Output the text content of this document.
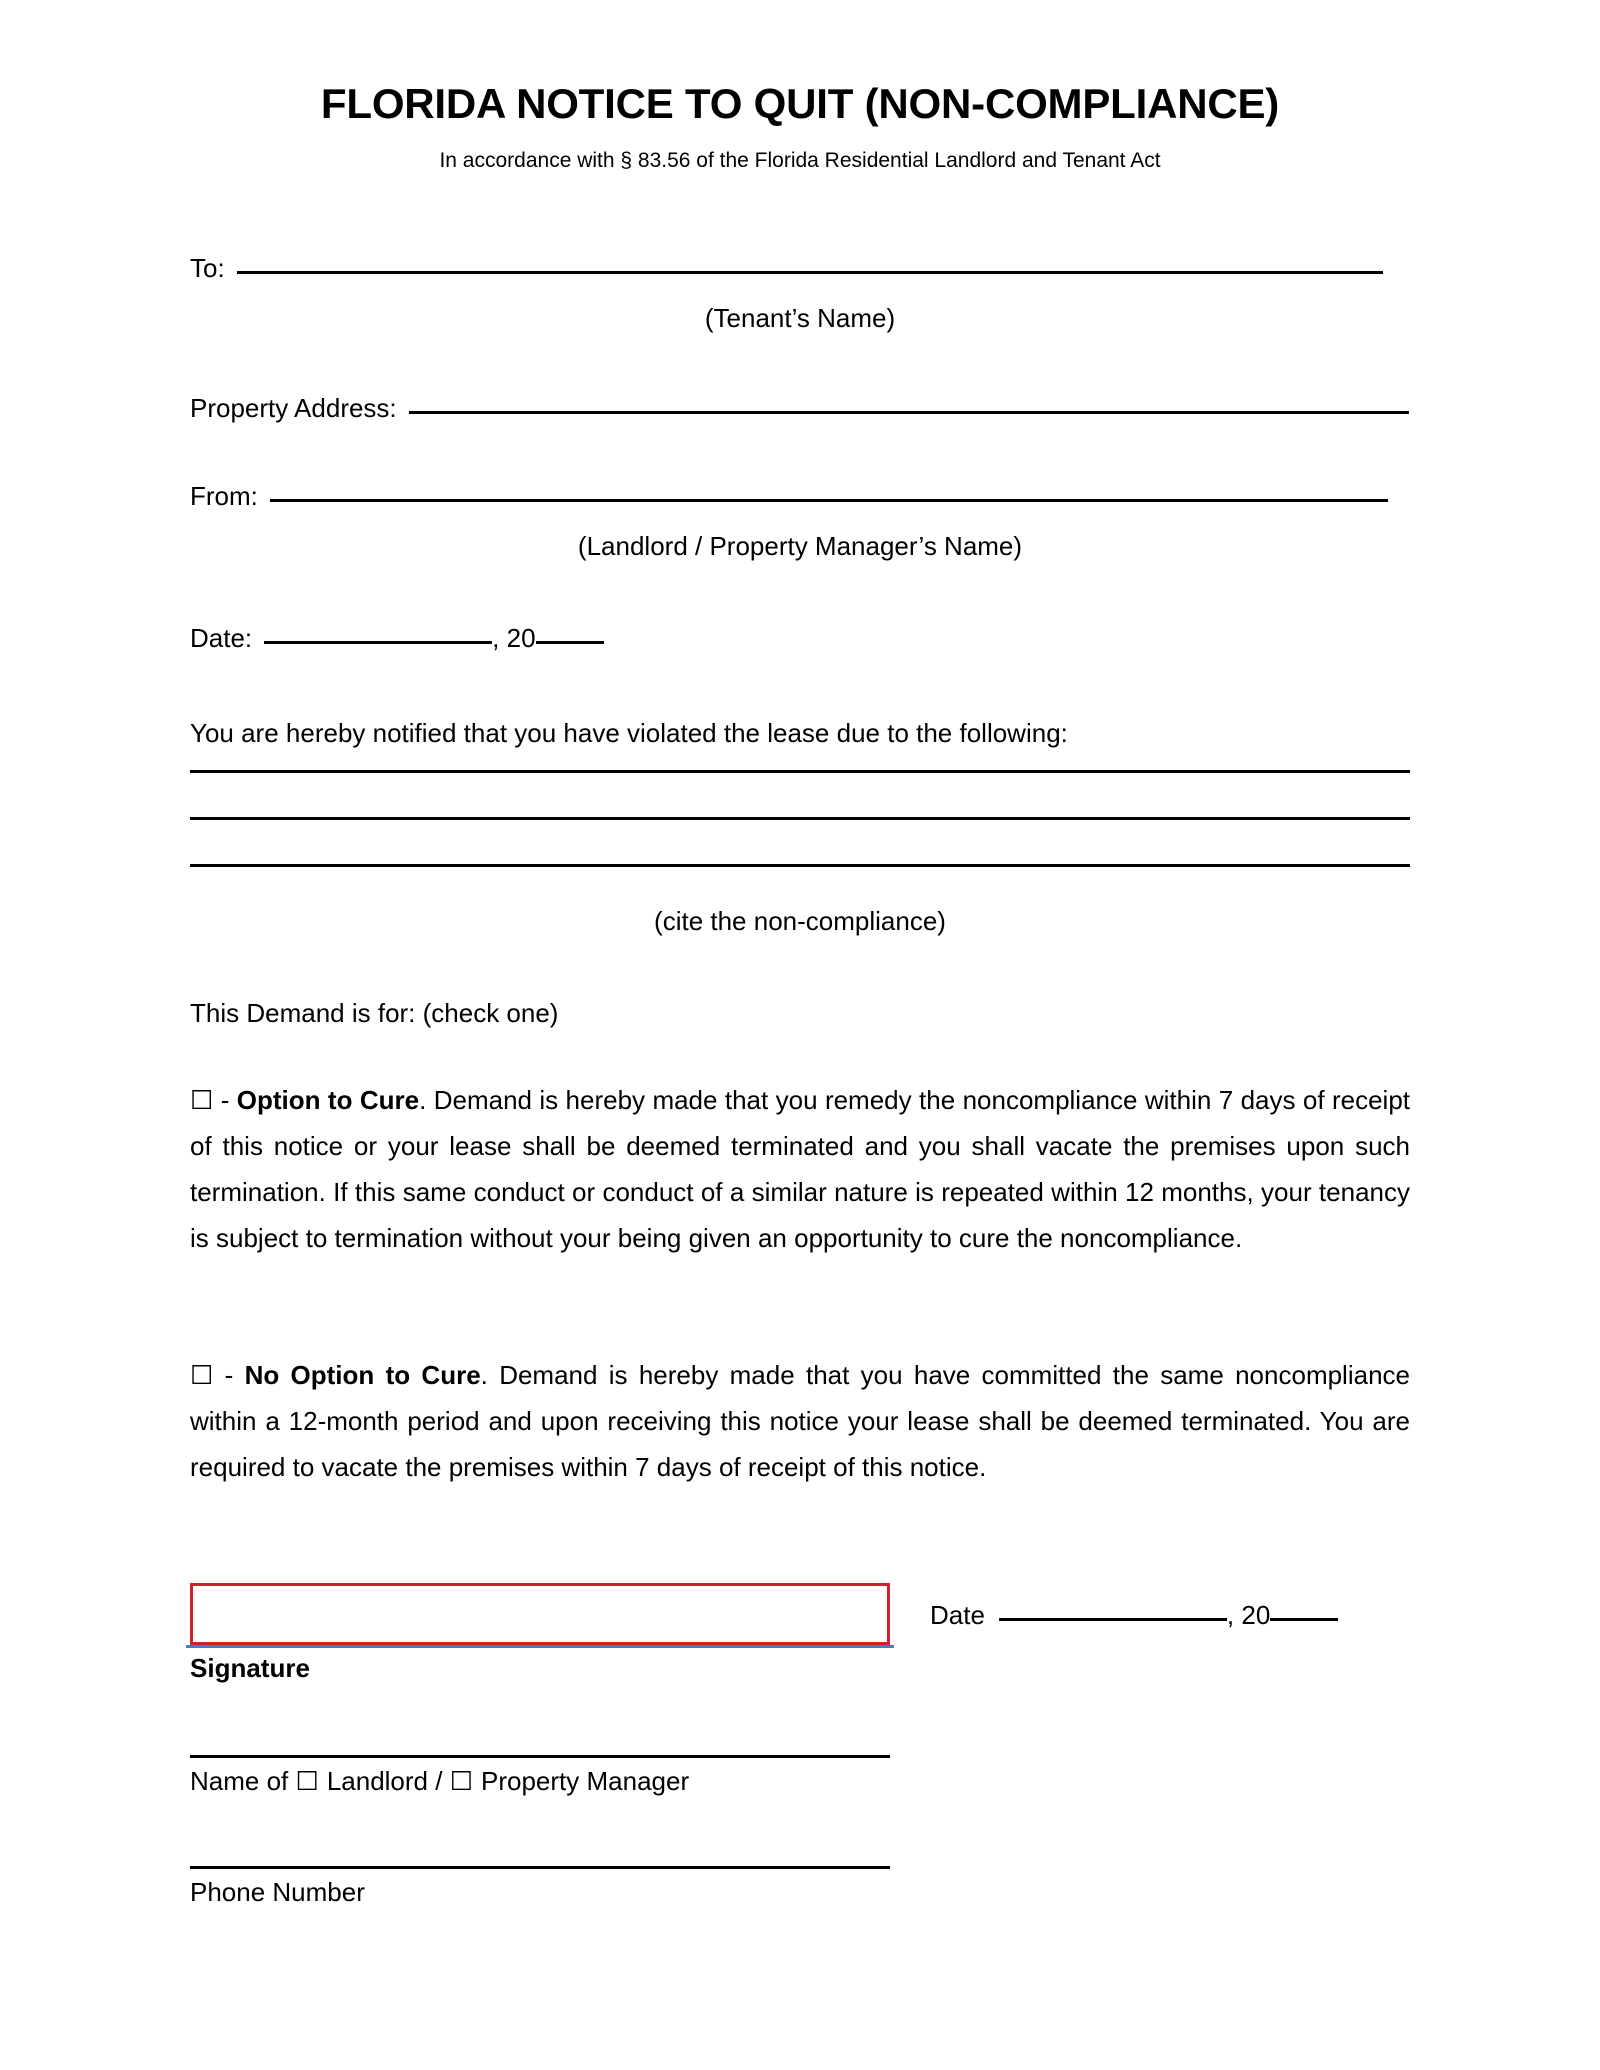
FLORIDA NOTICE TO QUIT (NON-COMPLIANCE)

In accordance with § 83.56 of the Florida Residential Landlord and Tenant Act

To:
(Tenant’s Name)
Property Address:
From:
(Landlord / Property Manager’s Name)
Date:	, 20
You are hereby notified that you have violated the lease due to the following:
(cite the non-compliance)
This Demand is for: (check one)
☐ - Option to Cure. Demand is hereby made that you remedy the noncompliance within 7 days of receipt of this notice or your lease shall be deemed terminated and you shall vacate the premises upon such termination. If this same conduct or conduct of a similar nature is repeated within 12 months, your tenancy is subject to termination without your being given an opportunity to cure the noncompliance.
☐ - No Option to Cure. Demand is hereby made that you have committed the same noncompliance within a 12-month period and upon receiving this notice your lease shall be deemed terminated. You are required to vacate the premises within 7 days of receipt of this notice.
Signature
Date	, 20
Name of ☐ Landlord / ☐ Property Manager
Phone Number
